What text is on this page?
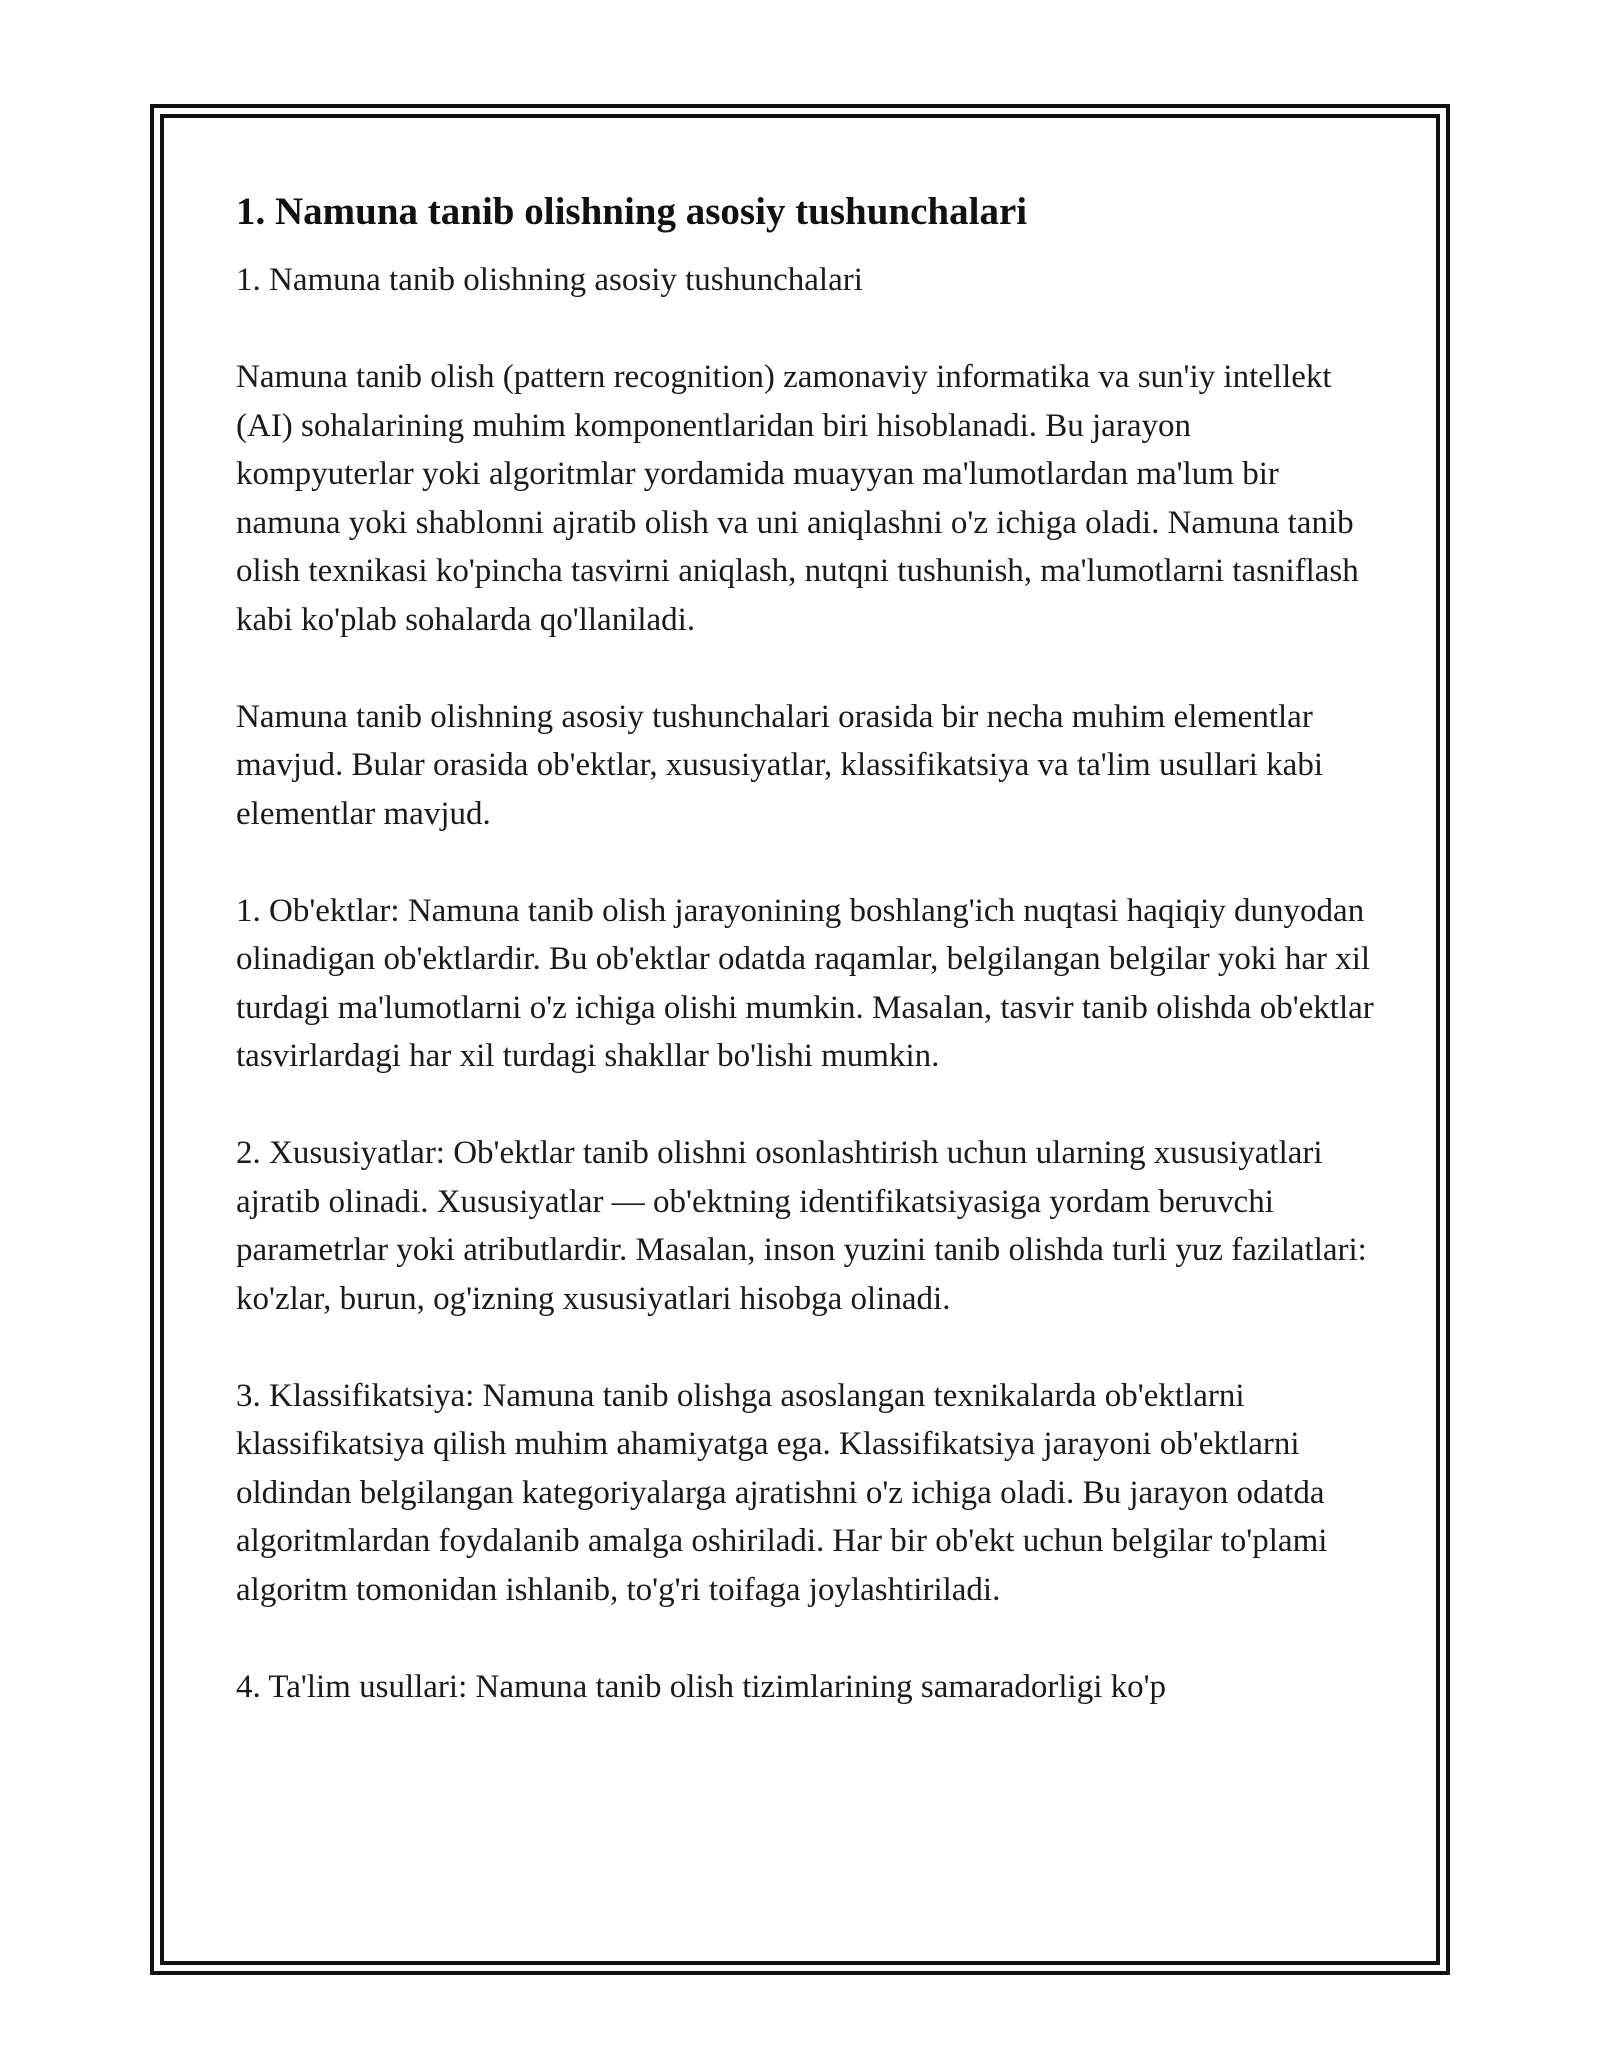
1. Namuna tanib olishning asosiy tushunchalari

1. Namuna tanib olishning asosiy tushunchalari

Namuna tanib olish (pattern recognition) zamonaviy informatika va sun'iy intellekt (AI) sohalarining muhim komponentlaridan biri hisoblanadi. Bu jarayon kompyuterlar yoki algoritmlar yordamida muayyan ma'lumotlardan ma'lum bir namuna yoki shablonni ajratib olish va uni aniqlashni o'z ichiga oladi. Namuna tanib olish texnikasi ko'pincha tasvirni aniqlash, nutqni tushunish, ma'lumotlarni tasniflash kabi ko'plab sohalarda qo'llaniladi.

Namuna tanib olishning asosiy tushunchalari orasida bir necha muhim elementlar mavjud. Bular orasida ob'ektlar, xususiyatlar, klassifikatsiya va ta'lim usullari kabi elementlar mavjud.

1. Ob'ektlar: Namuna tanib olish jarayonining boshlang'ich nuqtasi haqiqiy dunyodan olinadigan ob'ektlardir. Bu ob'ektlar odatda raqamlar, belgilangan belgilar yoki har xil turdagi ma'lumotlarni o'z ichiga olishi mumkin. Masalan, tasvir tanib olishda ob'ektlar tasvirlardagi har xil turdagi shakllar bo'lishi mumkin.

2. Xususiyatlar: Ob'ektlar tanib olishni osonlashtirish uchun ularning xususiyatlari ajratib olinadi. Xususiyatlar — ob'ektning identifikatsiyasiga yordam beruvchi parametrlar yoki atributlardir. Masalan, inson yuzini tanib olishda turli yuz fazilatlari: ko'zlar, burun, og'izning xususiyatlari hisobga olinadi.

3. Klassifikatsiya: Namuna tanib olishga asoslangan texnikalarda ob'ektlarni klassifikatsiya qilish muhim ahamiyatga ega. Klassifikatsiya jarayoni ob'ektlarni oldindan belgilangan kategoriyalarga ajratishni o'z ichiga oladi. Bu jarayon odatda algoritmlardan foydalanib amalga oshiriladi. Har bir ob'ekt uchun belgilar to'plami algoritm tomonidan ishlanib, to'g'ri toifaga joylashtiriladi.

4. Ta'lim usullari: Namuna tanib olish tizimlarining samaradorligi ko'p
